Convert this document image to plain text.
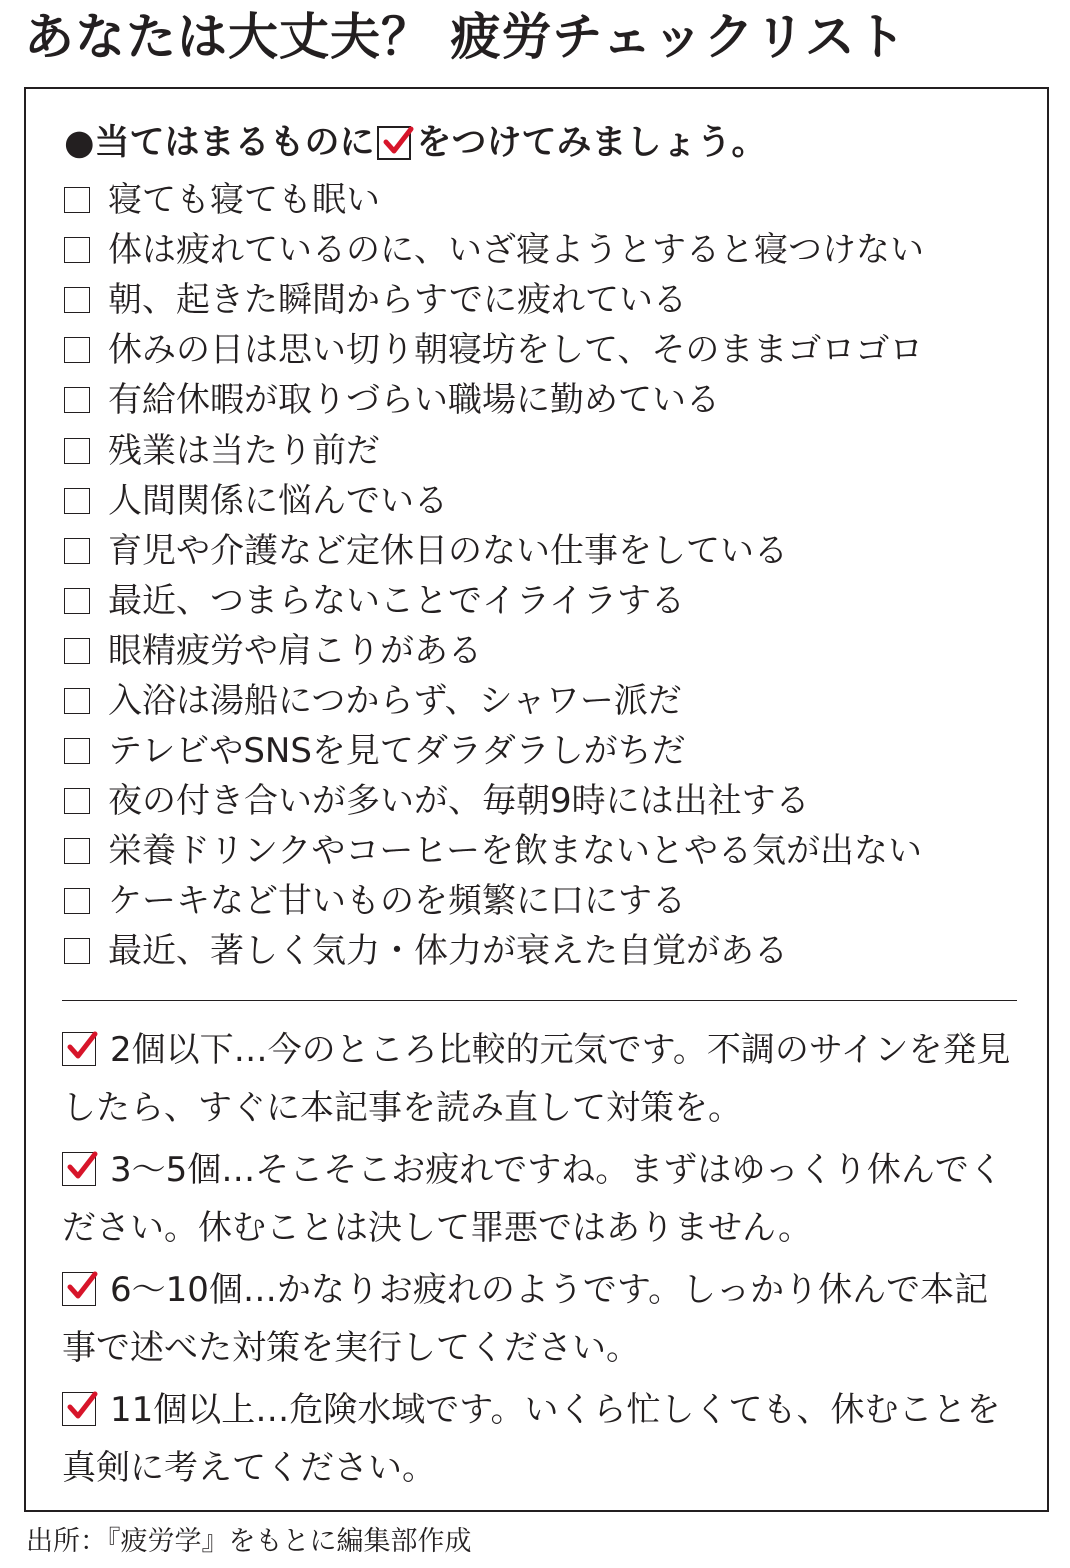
あなたは大丈夫？ 疲労チェックリスト
●当てはまるものに をつけてみましょう。
寝ても寝ても眠い
体は疲れているのに、いざ寝ようとすると寝つけない
朝、起きた瞬間からすでに疲れている
休みの日は思い切り朝寝坊をして、そのままゴロゴロ
有給休暇が取りづらい職場に勤めている
残業は当たり前だ
人間関係に悩んでいる
育児や介護など定休日のない仕事をしている
最近、つまらないことでイライラする
眼精疲労や肩こりがある
入浴は湯船につからず、シャワー派だ
テレビやSNSを見てダラダラしがちだ
夜の付き合いが多いが、毎朝9時には出社する
栄養ドリンクやコーヒーを飲まないとやる気が出ない
ケーキなど甘いものを頻繁に口にする
最近、著しく気力・体力が衰えた自覚がある

2個以下…今のところ比較的元気です。不調のサインを発見したら、すぐに本記事を読み直して対策を。

3～5個…そこそこお疲れですね。まずはゆっくり休んでください。休むことは決して罪悪ではありません。

6～10個…かなりお疲れのようです。しっかり休んで本記事で述べた対策を実行してください。

11個以上…危険水域です。いくら忙しくても、休むことを真剣に考えてください。

出所：『疲労学』をもとに編集部作成
